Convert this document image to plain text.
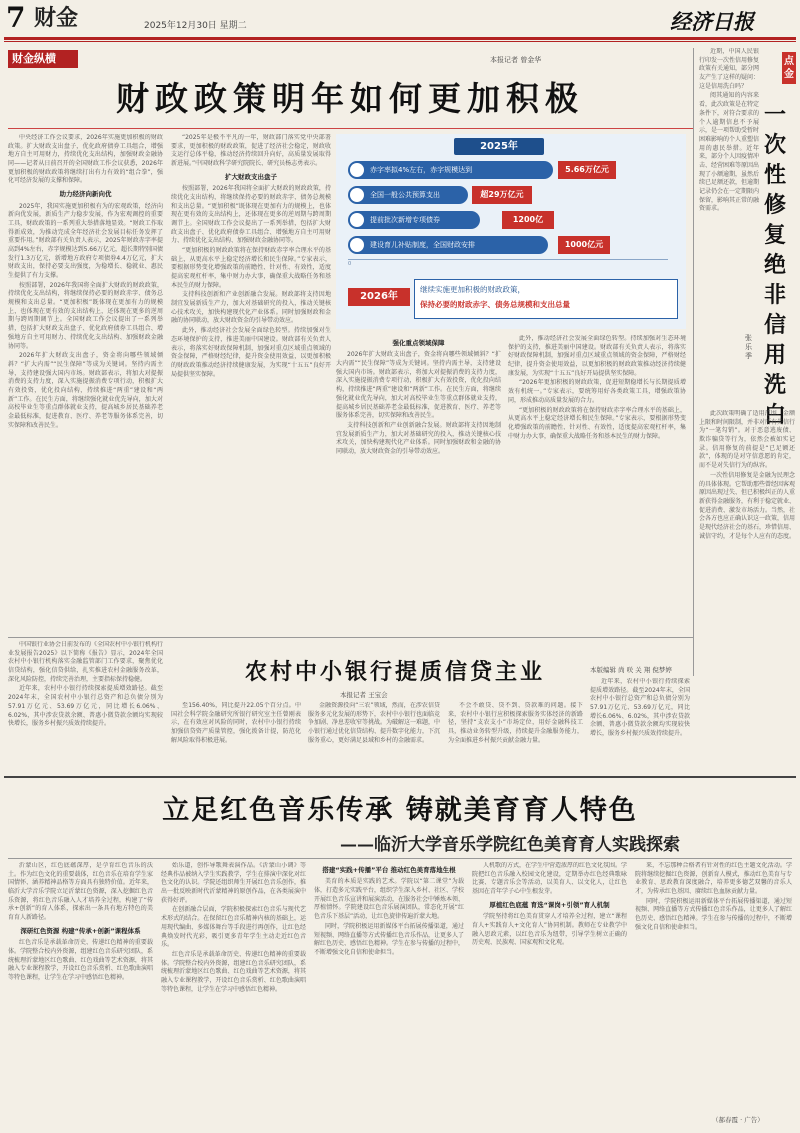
7 财金	2025年12月30日 星期二	经济日报
财金纵横	本报记者 曾金华
财政政策明年如何更加积极

中央经济工作会议要求，2026年实施更加积极的财政政策。扩大财政支出盘子，优化政府债券工具组合，增强地方自主可用财力，持续优化支出结构，加强财政金融协同——记者从日前召开的全国财政工作会议获悉，2026年更加积极的财政政策将继续打出有力有效的“组合拳”，强化可经济发展的支撑和保障。

助力经济向新向优

2025年，我国实施更加积极有为的宏观政策，经济向新向优发展，新质生产力稳步发展，作为宏观调控的重要工具，财政政策的一系列重大举措落地显效。“财政工作取得新成效，为推动完成全年经济社会发展目标任务发挥了重要作用。”财政部有关负责人表示，2025年财政赤字率提高到4%左右，赤字规模达到5.66万亿元，超长期特别国债发行1.3万亿元，新增地方政府专项债券4.4万亿元，扩大财政支出，保持必要支出强度，为稳增长、稳就业、惠民生提供了有力支撑。

按照部署，2026年我国将全面扩大财政的财政政策，持续优化支出结构，将继续保持必要的财政赤字、债务总规模和支出总量。“更加积极”既体现在更加有力的规模上，也体现在更有效的支出结构上，还体现在更多的逆周期与跨周期调节上。全国财政工作会议提出了一系列举措，包括扩大财政支出盘子、优化政府债券工具组合、增强地方自主可用财力、持续优化支出结构、加强财政金融协同等。

2026年扩大财政支出盘子，资金将向哪些领域倾斜？“扩大内需”“民生保障”等成为关键词。坚持内需主导，支持建设强大国内市场。财政部表示，将加大对提振消费的支持力度，深入实施提振消费专项行动，积极扩大有效投资，优化投向结构，持续推进“两重”建设和“两新”工作。在民生方面，将继续强化就业优先导向，加大对高校毕业生等重点群体就业支持，提高城乡居民基础养老金最低标准，促进教育、医疗、养老等服务体系完善，切实保障和改善民生。

“2025年是极不平凡的一年，财政部门落实党中央部署要求，更加积极的财政政策，促进了经济社会稳定，财政收支运行总体平稳，推动经济持续回升向好，高质量发展取得新进展。”中国财政科学研究院院长、研究员杨志勇表示。

扩大财政支出盘子

按照部署，2026年我国将全面扩大财政的财政政策，持续优化支出结构，将继续保持必要的财政赤字、债务总规模和支出总量。“更加积极”既体现在更加有力的规模上，也体现在更有效的支出结构上，还体现在更多的逆周期与跨周期调节上。全国财政工作会议提出了一系列举措，包括扩大财政支出盘子、优化政府债券工具组合、增强地方自主可用财力、持续优化支出结构、加强财政金融协同等。

“更加积极的财政政策将在保持财政赤字率合理水平的基础上，从更高水平上稳定经济增长和民生保障。”专家表示，要根据形势变化增强政策的前瞻性、针对性、有效性，适度提高宏观杠杆率，集中财力办大事，确保重大战略任务和基本民生的财力保障。

支持科技创新和产业创新融合发展。财政部将支持因地制宜发展新质生产力，加大对基础研究的投入，推动关键核心技术攻关，加快构建现代化产业体系。同时加强财政和金融的协同联动，放大财政资金的引导带动效应。

此外，推动经济社会发展全面绿色转型。持续加强对生态环境保护的支持，推进美丽中国建设。财政部有关负责人表示，将落实好财政保障机制，加强对重点区域重点领域的资金保障，严格财经纪律，提升资金使用效益，以更加积极的财政政策推动经济持续健康发展，为实现“十五五”良好开局提供坚实保障。

2025年
赤字率拟4%左右，赤字规模达到	5.66万亿元
全国一般公共预算支出	超29万亿元
提前批次新增专项债券	1200亿
建设育儿补贴制度，全国财政安排	1000亿元
0
2026年
继续实施更加积极的财政政策，
保持必要的财政赤字、债务总规模和支出总量
强化重点领域保障

2026年扩大财政支出盘子，资金将向哪些领域倾斜？“扩大内需”“民生保障”等成为关键词。坚持内需主导，支持建设强大国内市场。财政部表示，将加大对提振消费的支持力度，深入实施提振消费专项行动，积极扩大有效投资，优化投向结构，持续推进“两重”建设和“两新”工作。在民生方面，将继续强化就业优先导向，加大对高校毕业生等重点群体就业支持，提高城乡居民基础养老金最低标准，促进教育、医疗、养老等服务体系完善，切实保障和改善民生。

支持科技创新和产业创新融合发展。财政部将支持因地制宜发展新质生产力，加大对基础研究的投入，推动关键核心技术攻关，加快构建现代化产业体系。同时加强财政和金融的协同联动，放大财政资金的引导带动效应。

此外，推动经济社会发展全面绿色转型。持续加强对生态环境保护的支持，推进美丽中国建设。财政部有关负责人表示，将落实好财政保障机制，加强对重点区域重点领域的资金保障，严格财经纪律，提升资金使用效益，以更加积极的财政政策推动经济持续健康发展，为实现“十五五”良好开局提供坚实保障。

“2026年更加积极的财政政策，促进短期稳增长与长期提质增效有机统一。”专家表示，要统筹用好各类政策工具，增强政策协同，形成推动高质量发展的合力。

“更加积极的财政政策将在保持财政赤字率合理水平的基础上，从更高水平上稳定经济增长和民生保障。”专家表示，要根据形势变化增强政策的前瞻性、针对性、有效性，适度提高宏观杠杆率，集中财力办大事，确保重大战略任务和基本民生的财力保障。

点金
一次性修复绝非信用洗白
张乐季

近期，中国人民银行印发一次性信用修复政策有关通知，部分网友产生了这样的疑问：这是信用洗白吗？

阅其通知的内容来看，此次政策是在特定条件下，对符合要求的个人逾期信息不予展示，是一项帮助受暂时困难影响的个人重塑信用的惠民举措。近年来，部分个人因疫情冲击、经营困难等原因出现了小额逾期，虽然后续已足额还款，但逾期记录仍会在一定期限内保留，影响其正常的融资需求。

此次政策明确了适用范围、金额上限和时间限制，并非对所有失信行为“一笔勾销”。对于恶意逃废债、欺诈骗贷等行为，依然会被如实记录。信用修复的前提是“已足额还款”，体现的是对守信意愿的肯定，而不是对失信行为的纵容。

一次性信用修复是金融为民理念的具体体现。它帮助那些曾经因客观原因出现过失、但已积极纠正的人重新获得金融服务，有利于稳定就业、促进消费、激发市场活力。当然，社会各方也应正确认识这一政策，信用是现代经济社会的基石，珍惜信用、诚信守约，才是每个人应有的态度。

本版编辑 尚 咲 关 翔 倪梦婷

中国银行业协会日前发布的《全国农村中小银行机构行业发展报告2025》以下简称《报告》显示，2024年全国农村中小银行机构落实金融监管部门工作要求，聚焦优化信贷结构，强化信贷供给，扎实推进农村金融服务改革，深化风险防控，持续完善治理，主要指标保持稳健。

近年来，农村中小银行持续探索提质增效路径。截至2024年末，全国农村中小银行总资产和总负债分别为57.91万亿元、53.69万亿元，同比增长6.06%、6.02%，其中涉农贷款余额、普惠小微贷款余额均实现较快增长，服务乡村振兴质效持续提升。

农村中小银行提质信贷主业
本报记者 王宝会

至156.40%，同比提升22.05个百分点。中国社会科学院金融研究所银行研究室主任曾刚表示，在有效应对风险的同时，农村中小银行持续加强信贷资产质量管控，强化拨备计提，防范化解风险取得积极进展。

金融资源投向“三农”领域，然而，在涉农信贷服务多元化发展的形势下，农村中小银行也面临竞争加剧、净息差收窄等挑战。为破解这一难题，中小银行通过优化信贷结构、提升数字化能力，下沉服务重心，更好满足县域和乡村的金融需求。

不会不敢贷、贷不到、贷款难的问题。接下来，农村中小银行应积极探索服务实体经济的新路径，坚持“支农支小”市场定位，用好金融科技工具，推动业务转型升级，持续提升金融服务能力，为全面推进乡村振兴贡献金融力量。

近年来，农村中小银行持续探索提质增效路径。截至2024年末，全国农村中小银行总资产和总负债分别为57.91万亿元、53.69万亿元，同比增长6.06%、6.02%，其中涉农贷款余额、普惠小微贷款余额均实现较快增长，服务乡村振兴质效持续提升。

立足红色音乐传承 铸就美育育人特色
——临沂大学音乐学院红色美育育人实践探索

沂蒙山区，红色底蕴深厚，是孕育红色音乐的沃土。作为红色文化的重要载体，红色音乐在培育学生家国情怀、涵养精神品格等方面具有独特价值。近年来，临沂大学音乐学院立足沂蒙红色资源，深入挖掘红色音乐资源，将红色音乐融入人才培养全过程，构建了“传承+创新”的育人体系，探索出一条具有地方特色的美育育人新路径。

深研红色资源 构建“传承+创新”课程体系

红色音乐是承载革命历史、传递红色精神的重要载体。学院整合校内外资源，组建红色音乐研究团队，系统梳理沂蒙地区红色歌曲、红色戏曲等艺术资源，将其融入专业课程教学，开设红色音乐赏析、红色歌曲演唱等特色课程，让学生在学习中感悟红色精神。

始乐道，创作导歌舞表演作品。《沂蒙山小调》等经典作品被纳入学生实践教学，学生在排演中深化对红色文化的认识。学院还组织师生开展红色音乐创作，推出一批反映新时代沂蒙精神的原创作品，在各类展演中获得好评。

在创新融合层面，学院积极探索红色音乐与现代艺术形式的结合。在保留红色音乐精神内核的基础上，运用现代编曲、多媒体舞台等手段进行再创作，让红色经典焕发时代光彩，吸引更多青年学生主动走近红色音乐。

红色音乐是承载革命历史、传递红色精神的重要载体。学院整合校内外资源，组建红色音乐研究团队，系统梳理沂蒙地区红色歌曲、红色戏曲等艺术资源，将其融入专业课程教学，开设红色音乐赏析、红色歌曲演唱等特色课程，让学生在学习中感悟红色精神。

搭建“实践+传播”平台 推动红色美育落地生根

美育的本质是实践的艺术。学院以“第二课堂”为载体，打造多元实践平台，组织学生深入乡村、社区、学校开展红色音乐宣讲和展演活动，在服务社会中锤炼本领、厚植情怀。学院建设红色音乐展演团队，常态化开展“红色音乐下基层”活动，让红色旋律传遍沂蒙大地。

同时，学院积极运用新媒体平台拓展传播渠道，通过短视频、网络直播等方式传播红色音乐作品，让更多人了解红色历史、感悟红色精神。学生在参与传播的过程中，不断增强文化自信和使命担当。

人机歌的方式，在学生中营造浓厚的红色文化氛围。学院把红色音乐融入校园文化建设，定期举办红色经典歌咏比赛、专题音乐会等活动，以美育人、以文化人，让红色基因在青年学子心中生根发芽。

厚植红色底蕴 育选“课岗+引领”育人机制

学院坚持将红色美育贯穿人才培养全过程，建立“课程育人+实践育人+文化育人”协同机制。教师在专业教学中融入思政元素，以红色音乐为纽带，引导学生树立正确的历史观、民族观、国家观和文化观。

来，不忘那种合格者有针对性的红色主题文化活动。学院将继续挖掘红色资源，创新育人模式，推动红色美育与专业教育、思政教育深度融合，培养更多德艺双馨的音乐人才，为传承红色基因、赓续红色血脉贡献力量。

同时，学院积极运用新媒体平台拓展传播渠道，通过短视频、网络直播等方式传播红色音乐作品，让更多人了解红色历史、感悟红色精神。学生在参与传播的过程中，不断增强文化自信和使命担当。

（郝春霞 · 广告）
